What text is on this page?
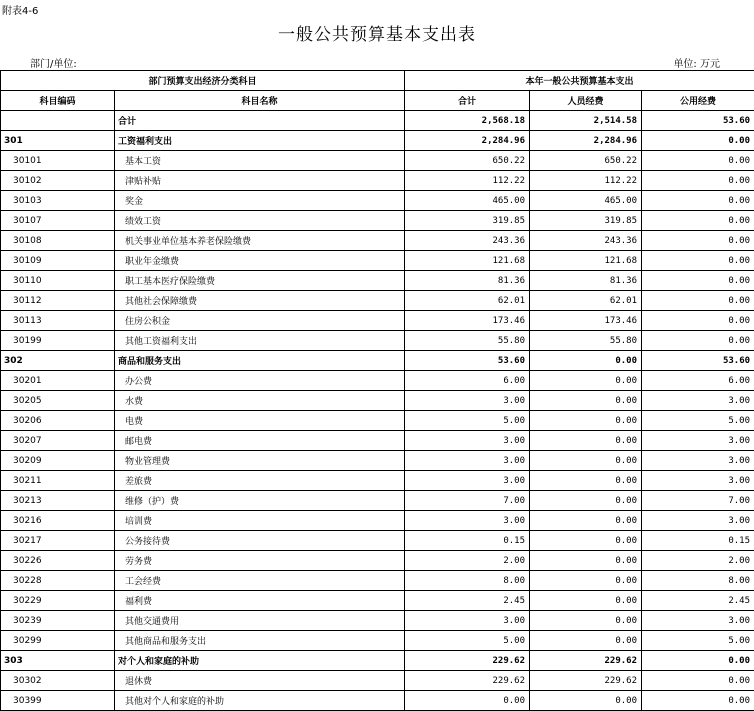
附表4-6
一般公共预算基本支出表
部门/单位:	单位: 万元
部门预算支出经济分类科目		本年一般公共预算基本支出		
科目编码	科目名称	合计	人员经费	公用经费
	合计	2,568.18	2,514.58	53.60
301	工资福利支出	2,284.96	2,284.96	0.00
30101	基本工资	650.22	650.22	0.00
30102	津贴补贴	112.22	112.22	0.00
30103	奖金	465.00	465.00	0.00
30107	绩效工资	319.85	319.85	0.00
30108	机关事业单位基本养老保险缴费	243.36	243.36	0.00
30109	职业年金缴费	121.68	121.68	0.00
30110	职工基本医疗保险缴费	81.36	81.36	0.00
30112	其他社会保障缴费	62.01	62.01	0.00
30113	住房公积金	173.46	173.46	0.00
30199	其他工资福利支出	55.80	55.80	0.00
302	商品和服务支出	53.60	0.00	53.60
30201	办公费	6.00	0.00	6.00
30205	水费	3.00	0.00	3.00
30206	电费	5.00	0.00	5.00
30207	邮电费	3.00	0.00	3.00
30209	物业管理费	3.00	0.00	3.00
30211	差旅费	3.00	0.00	3.00
30213	维修（护）费	7.00	0.00	7.00
30216	培训费	3.00	0.00	3.00
30217	公务接待费	0.15	0.00	0.15
30226	劳务费	2.00	0.00	2.00
30228	工会经费	8.00	0.00	8.00
30229	福利费	2.45	0.00	2.45
30239	其他交通费用	3.00	0.00	3.00
30299	其他商品和服务支出	5.00	0.00	5.00
303	对个人和家庭的补助	229.62	229.62	0.00
30302	退休费	229.62	229.62	0.00
30399	其他对个人和家庭的补助	0.00	0.00	0.00
